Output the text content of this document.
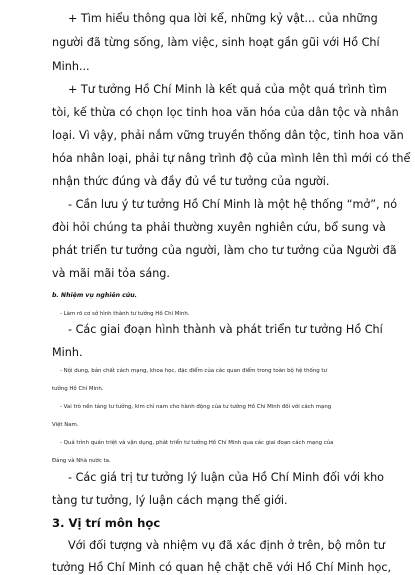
+ Tìm hiểu thông qua lời kể, những kỷ vật... của những
người đã từng sống, làm việc, sinh hoạt gần gũi với Hồ Chí
Minh...
+ Tư tưởng Hồ Chí Minh là kết quả của một quá trình tìm
tòi, kế thừa có chọn lọc tinh hoa văn hóa của dân tộc và nhân
loại. Vì vậy, phải nắm vững truyền thống dân tộc, tinh hoa văn
hóa nhân loại, phải tự nâng trình độ của mình lên thì mới có thể
nhận thức đúng và đầy đủ về tư tưởng của người.
- Cần lưu ý tư tưởng Hồ Chí Minh là một hệ thống “mở”, nó
đòi hỏi chúng ta phải thường xuyên nghiên cứu, bổ sung và
phát triển tư tưởng của người, làm cho tư tưởng của Người đã
và mãi mãi tỏa sáng.
b. Nhiệm vụ nghiên cứu.
- Làm rõ cơ sở hình thành tư tưởng Hồ Chí Minh.
- Các giai đoạn hình thành và phát triển tư tưởng Hồ Chí
Minh.
- Nội dung, bản chất cách mạng, khoa học, đặc điểm của các quan điểm trong toàn bộ hệ thống tư
tưởng Hồ Chí Minh.
- Vai trò nền tảng tư tưởng, kim chỉ nam cho hành động của tư tưởng Hồ Chí Minh đối với cách mạng
Việt Nam.
- Quá trình quán triệt và vận dụng, phát triển tư tưởng Hồ Chí Minh qua các giai đoạn cách mạng của
Đảng và Nhà nước ta.
- Các giá trị tư tưởng lý luận của Hồ Chí Minh đối với kho
tàng tư tưởng, lý luận cách mạng thế giới.
3. Vị trí môn học
Với đối tượng và nhiệm vụ đã xác định ở trên, bộ môn tư
tưởng Hồ Chí Minh có quan hệ chặt chẽ với Hồ Chí Minh học,
